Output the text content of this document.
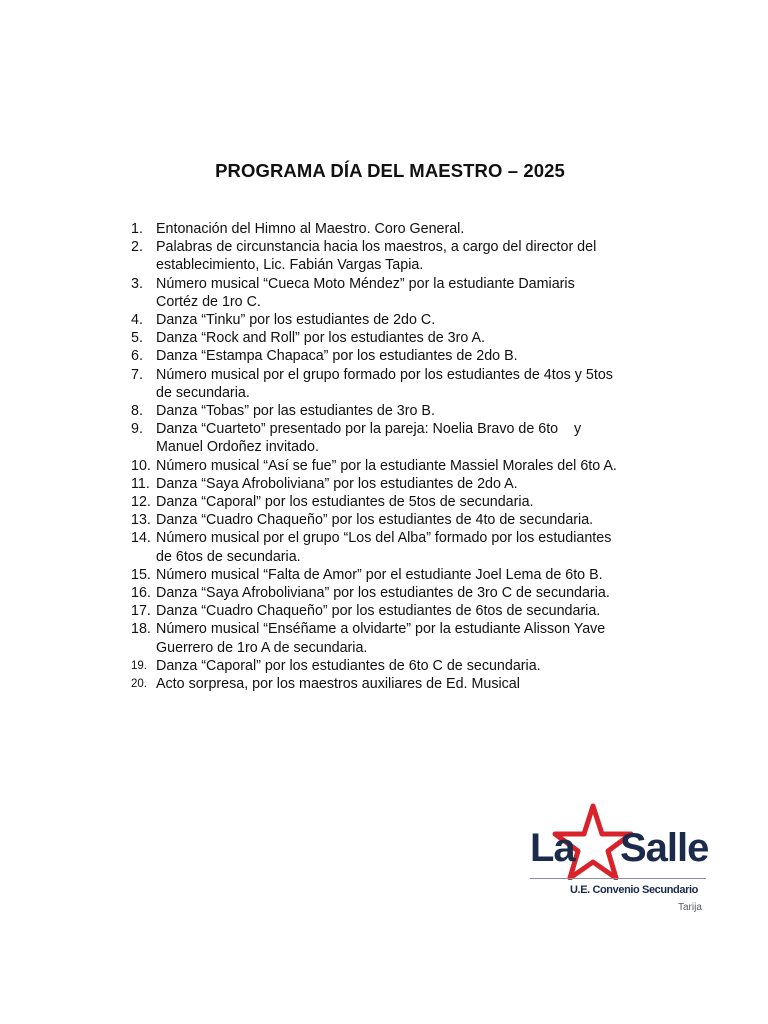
PROGRAMA DÍA DEL MAESTRO – 2025
1. Entonación del Himno al Maestro. Coro General.
2. Palabras de circunstancia hacia los maestros, a cargo del director del
establecimiento, Lic. Fabián Vargas Tapia.
3. Número musical “Cueca Moto Méndez” por la estudiante Damiaris
Cortéz de 1ro C.
4. Danza “Tinku” por los estudiantes de 2do C.
5. Danza “Rock and Roll” por los estudiantes de 3ro A.
6. Danza “Estampa Chapaca” por los estudiantes de 2do B.
7. Número musical por el grupo formado por los estudiantes de 4tos y 5tos
de secundaria.
8. Danza “Tobas” por las estudiantes de 3ro B.
9. Danza “Cuarteto” presentado por la pareja: Noelia Bravo de 6to    y
Manuel Ordoñez invitado.
10. Número musical “Así se fue” por la estudiante Massiel Morales del 6to A.
11. Danza “Saya Afroboliviana” por los estudiantes de 2do A.
12. Danza “Caporal” por los estudiantes de 5tos de secundaria.
13. Danza “Cuadro Chaqueño” por los estudiantes de 4to de secundaria.
14. Número musical por el grupo “Los del Alba” formado por los estudiantes
de 6tos de secundaria.
15. Número musical “Falta de Amor” por el estudiante Joel Lema de 6to B.
16. Danza “Saya Afroboliviana” por los estudiantes de 3ro C de secundaria.
17. Danza “Cuadro Chaqueño” por los estudiantes de 6tos de secundaria.
18. Número musical “Enséñame a olvidarte” por la estudiante Alisson Yave
Guerrero de 1ro A de secundaria.
19. Danza “Caporal” por los estudiantes de 6to C de secundaria.
20. Acto sorpresa, por los maestros auxiliares de Ed. Musical
La Salle
U.E. Convenio Secundario
Tarija
